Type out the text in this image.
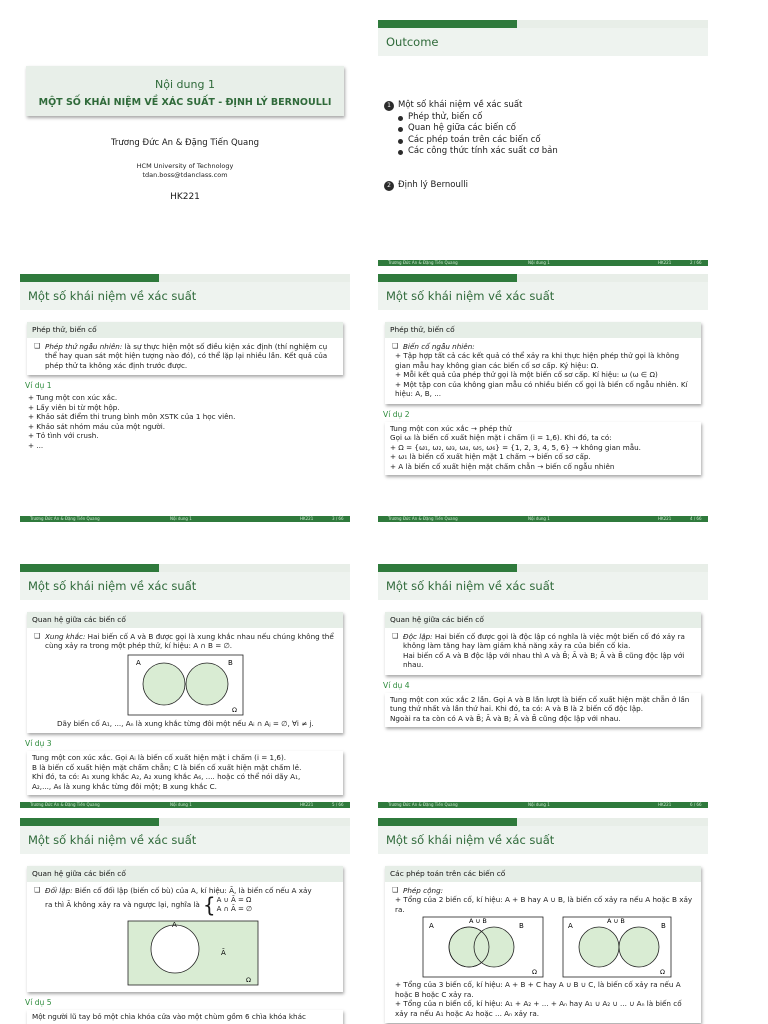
Nội dung 1
MỘT SỐ KHÁI NIỆM VỀ XÁC SUẤT - ĐỊNH LÝ BERNOULLI
Trương Đức An & Đặng Tiến Quang
HCM University of Technology
tdan.boss@tdanclass.com
HK221
Outcome
1 Một số khái niệm về xác suất
Phép thử, biến cố
Quan hệ giữa các biến cố
Các phép toán trên các biến cố
Các công thức tính xác suất cơ bản
2 Định lý Bernoulli
Trương Đức An & Đặng Tiến Quang	Nội dung 1	HK221	2 / 66
Một số khái niệm về xác suất
Phép thử, biến cố
❑ Phép thử ngẫu nhiên: là sự thực hiện một số điều kiện xác định (thí nghiệm cụ thể hay quan sát một hiện tượng nào đó), có thể lặp lại nhiều lần. Kết quả của phép thử ta không xác định trước được.
Ví dụ 1
+ Tung một con xúc xắc.
+ Lấy viên bi từ một hộp.
+ Khảo sát điểm thi trung bình môn XSTK của 1 học viên.
+ Khảo sát nhóm máu của một người.
+ Tỏ tình với crush.
+ ...
Trương Đức An & Đặng Tiến Quang	Nội dung 1	HK221	3 / 66
Một số khái niệm về xác suất
Phép thử, biến cố
❑ Biến cố ngẫu nhiên:
+ Tập hợp tất cả các kết quả có thể xảy ra khi thực hiện phép thử gọi là không gian mẫu hay không gian các biến cố sơ cấp. Ký hiệu: Ω.
+ Mỗi kết quả của phép thử gọi là một biến cố sơ cấp. Kí hiệu: ω (ω ∈ Ω)
+ Một tập con của không gian mẫu có nhiều biến cố gọi là biến cố ngẫu nhiên. Kí hiệu: A, B, ...
Ví dụ 2
Tung một con xúc xắc → phép thử
Gọi ωᵢ là biến cố xuất hiện mặt i chấm (i = 1,6). Khi đó, ta có:
+ Ω = {ω₁, ω₂, ω₃, ω₄, ω₅, ω₆} = {1, 2, 3, 4, 5, 6} → không gian mẫu.
+ ω₁ là biến cố xuất hiện mặt 1 chấm → biến cố sơ cấp.
+ A là biến cố xuất hiện mặt chấm chẵn → biến cố ngẫu nhiên
Trương Đức An & Đặng Tiến Quang	Nội dung 1	HK221	4 / 66
Một số khái niệm về xác suất
Quan hệ giữa các biến cố
❑ Xung khắc: Hai biến cố A và B được gọi là xung khắc nhau nếu chúng không thể cùng xảy ra trong một phép thử, kí hiệu: A ∩ B = ∅.
A	B
Ω
Dãy biến cố A₁, ..., Aₙ là xung khắc từng đôi một nếu Aᵢ ∩ Aⱼ = ∅, ∀i ≠ j.
Ví dụ 3
Tung một con xúc xắc. Gọi Aᵢ là biến cố xuất hiện mặt i chấm (i = 1,6).
B là biến cố xuất hiện mặt chấm chẵn; C là biến cố xuất hiện mặt chấm lẻ.
Khi đó, ta có: A₁ xung khắc A₂, A₂ xung khắc A₆, .... hoặc có thể nói dãy A₁,
A₂,..., A₆ là xung khắc từng đôi một; B xung khắc C.
Trương Đức An & Đặng Tiến Quang	Nội dung 1	HK221	5 / 66
Một số khái niệm về xác suất
Quan hệ giữa các biến cố
❑ Độc lập: Hai biến cố được gọi là độc lập có nghĩa là việc một biến cố đó xảy ra không làm tăng hay làm giảm khả năng xảy ra của biến cố kia.
Hai biến cố A và B độc lập với nhau thì A và B̄; Ā và B; Ā và B̄ cũng độc lập với nhau.
Ví dụ 4
Tung một con xúc xắc 2 lần. Gọi A và B lần lượt là biến cố xuất hiện mặt chẵn ở lần tung thứ nhất và lần thứ hai. Khi đó, ta có: A và B là 2 biến cố độc lập.
Ngoài ra ta còn có A và B̄; Ā và B; Ā và B̄ cũng độc lập với nhau.
Trương Đức An & Đặng Tiến Quang	Nội dung 1	HK221	6 / 66
Một số khái niệm về xác suất
Quan hệ giữa các biến cố
❑ Đối lập: Biến cố đối lập (biến cố bù) của A, kí hiệu: Ā, là biến cố nếu A xảy
ra thì Ā không xảy ra và ngược lại, nghĩa là { A ∪ Ā = Ω
A ∩ Ā = ∅
A
Ā
Ω
Ví dụ 5
Một người lũ tay bỏ một chìa khóa cửa vào một chùm gồm 6 chìa khóa khác
Một số khái niệm về xác suất
Các phép toán trên các biến cố
❑ Phép cộng:
+ Tổng của 2 biến cố, kí hiệu: A + B hay A ∪ B, là biến cố xảy ra nếu A hoặc B xảy ra.
A	B
A ∪ B
Ω
A	B
A ∪ B
Ω
+ Tổng của 3 biến cố, kí hiệu: A + B + C hay A ∪ B ∪ C, là biến cố xảy ra nếu A hoặc B hoặc C xảy ra.
+ Tổng của n biến cố, kí hiệu: A₁ + A₂ + ... + Aₙ hay A₁ ∪ A₂ ∪ ... ∪ Aₙ là biến cố xảy ra nếu A₁ hoặc A₂ hoặc ... Aₙ xảy ra.
